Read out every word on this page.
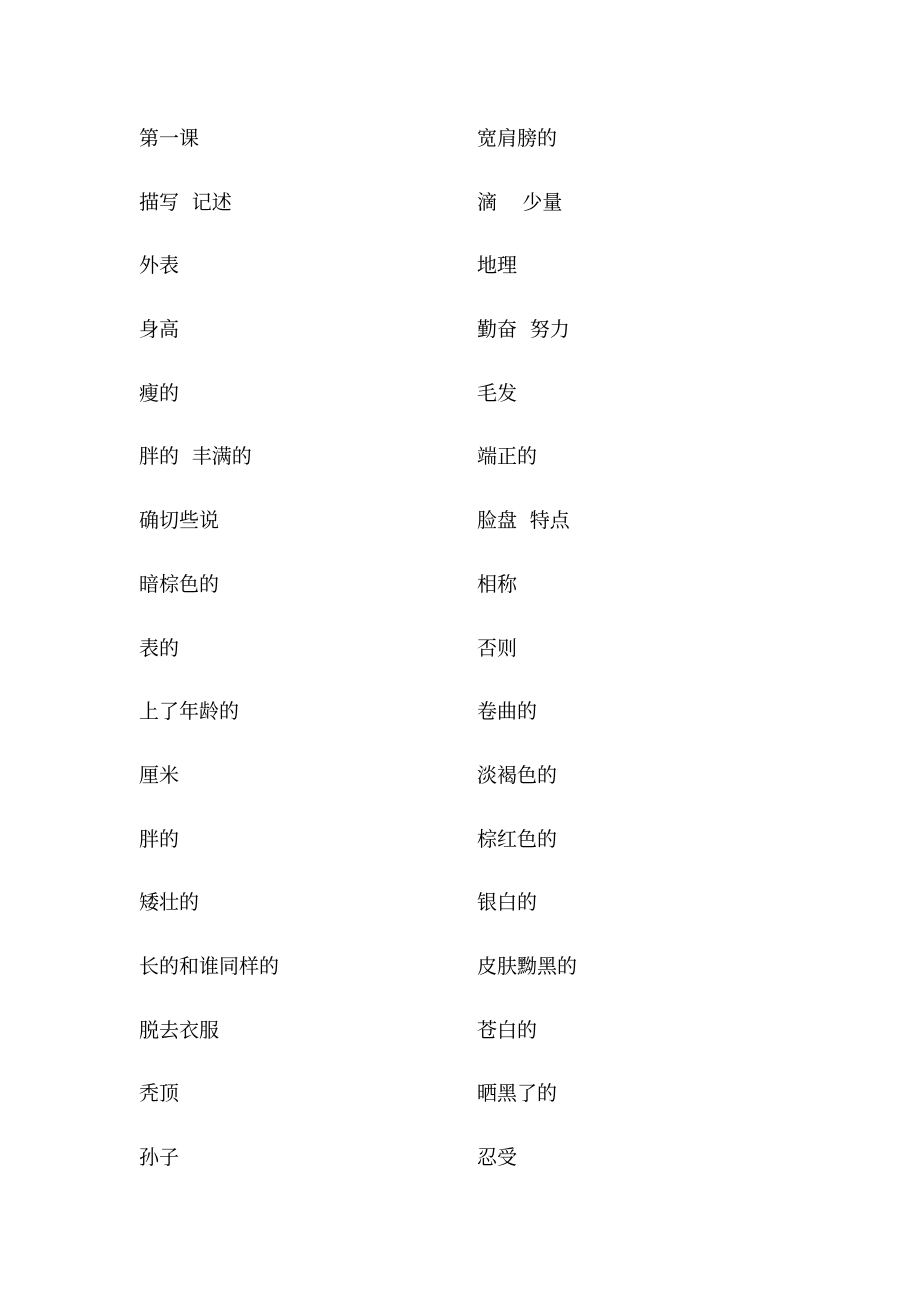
第一课	宽肩膀的
描写  记述	滴    少量
外表	地理
身高	勤奋  努力
瘦的	毛发
胖的  丰满的	端正的
确切些说	脸盘  特点
暗棕色的	相称
表的	否则
上了年龄的	卷曲的
厘米	淡褐色的
胖的	棕红色的
矮壮的	银白的
长的和谁同样的	皮肤黝黑的
脱去衣服	苍白的
秃顶	晒黑了的
孙子	忍受
